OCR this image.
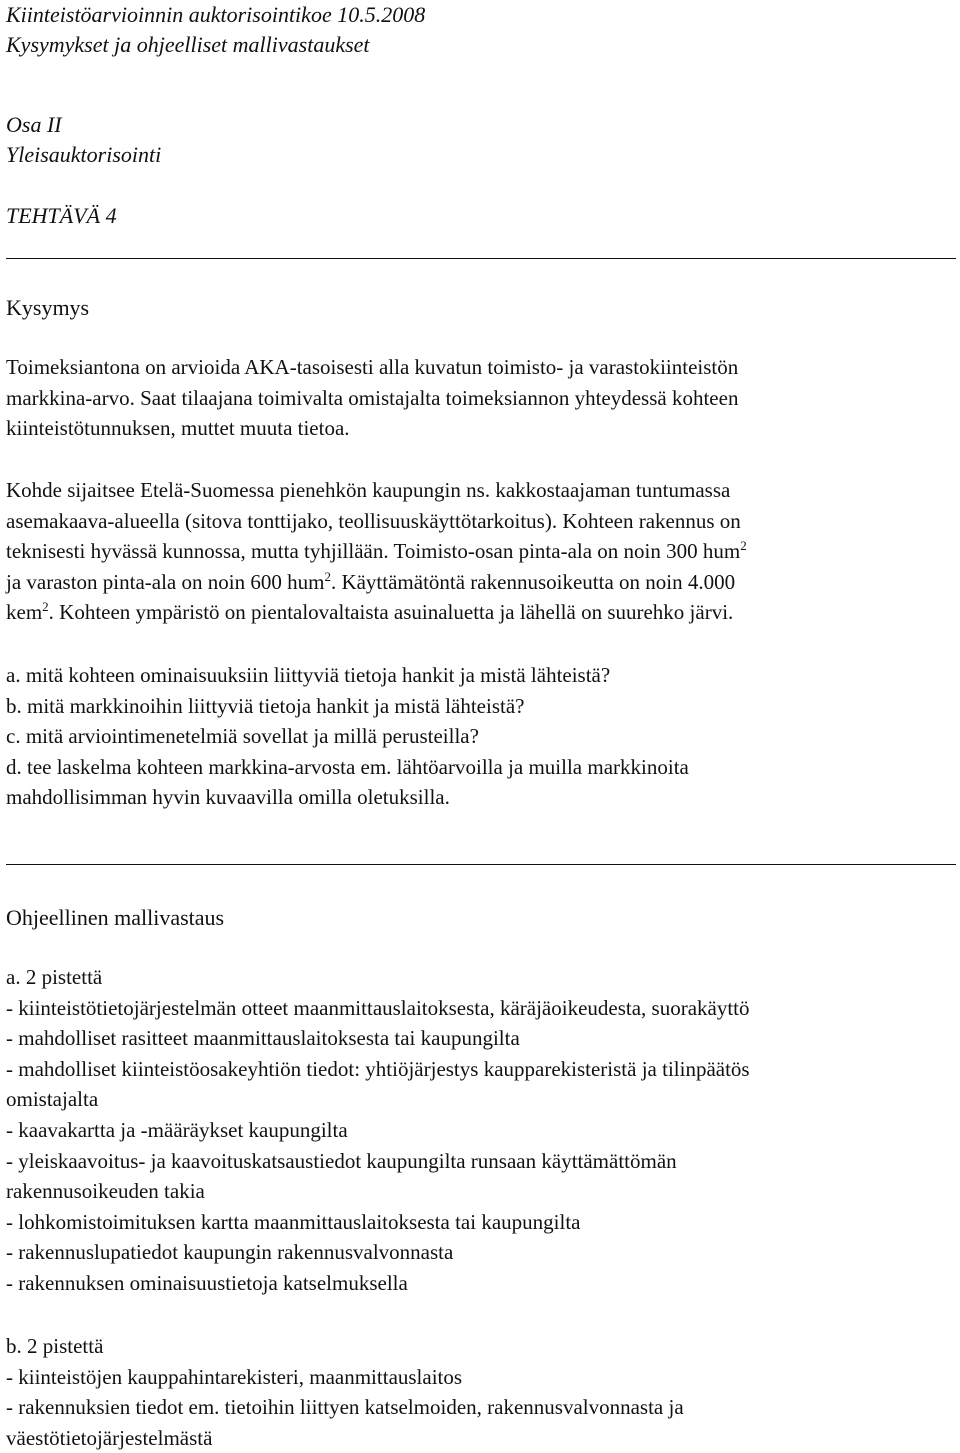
Kiinteistöarvioinnin auktorisointikoe 10.5.2008
Kysymykset ja ohjeelliset mallivastaukset
Osa II
Yleisauktorisointi
TEHTÄVÄ 4
Kysymys

Toimeksiantona on arvioida AKA-tasoisesti alla kuvatun toimisto- ja varastokiinteistön

markkina-arvo. Saat tilaajana toimivalta omistajalta toimeksiannon yhteydessä kohteen

kiinteistötunnuksen, muttet muuta tietoa.

Kohde sijaitsee Etelä-Suomessa pienehkön kaupungin ns. kakkostaajaman tuntumassa

asemakaava-alueella (sitova tonttijako, teollisuuskäyttötarkoitus). Kohteen rakennus on

teknisesti hyvässä kunnossa, mutta tyhjillään. Toimisto-osan pinta-ala on noin 300 hum$^2$

ja varaston pinta-ala on noin 600 hum$^2$. Käyttämätöntä rakennusoikeutta on noin 4.000

kem$^2$. Kohteen ympäristö on pientalovaltaista asuinaluetta ja lähellä on suurehko järvi.

a. mitä kohteen ominaisuuksiin liittyviä tietoja hankit ja mistä lähteistä?

b. mitä markkinoihin liittyviä tietoja hankit ja mistä lähteistä?

c. mitä arviointimenetelmiä sovellat ja millä perusteilla?

d. tee laskelma kohteen markkina-arvosta em. lähtöarvoilla ja muilla markkinoita

mahdollisimman hyvin kuvaavilla omilla oletuksilla.

Ohjeellinen mallivastaus

a. 2 pistettä

- kiinteistötietojärjestelmän otteet maanmittauslaitoksesta, käräjäoikeudesta, suorakäyttö
- mahdolliset rasitteet maanmittauslaitoksesta tai kaupungilta
- mahdolliset kiinteistöosakeyhtiön tiedot: yhtiöjärjestys kaupparekisteristä ja tilinpäätös
omistajalta
- kaavakartta ja -määräykset kaupungilta
- yleiskaavoitus- ja kaavoituskatsaustiedot kaupungilta runsaan käyttämättömän
rakennusoikeuden takia
- lohkomistoimituksen kartta maanmittauslaitoksesta tai kaupungilta
- rakennuslupatiedot kaupungin rakennusvalvonnasta
- rakennuksen ominaisuustietoja katselmuksella

b. 2 pistettä

- kiinteistöjen kauppahintarekisteri, maanmittauslaitos
- rakennuksien tiedot em. tietoihin liittyen katselmoiden, rakennusvalvonnasta ja
väestötietojärjestelmästä
